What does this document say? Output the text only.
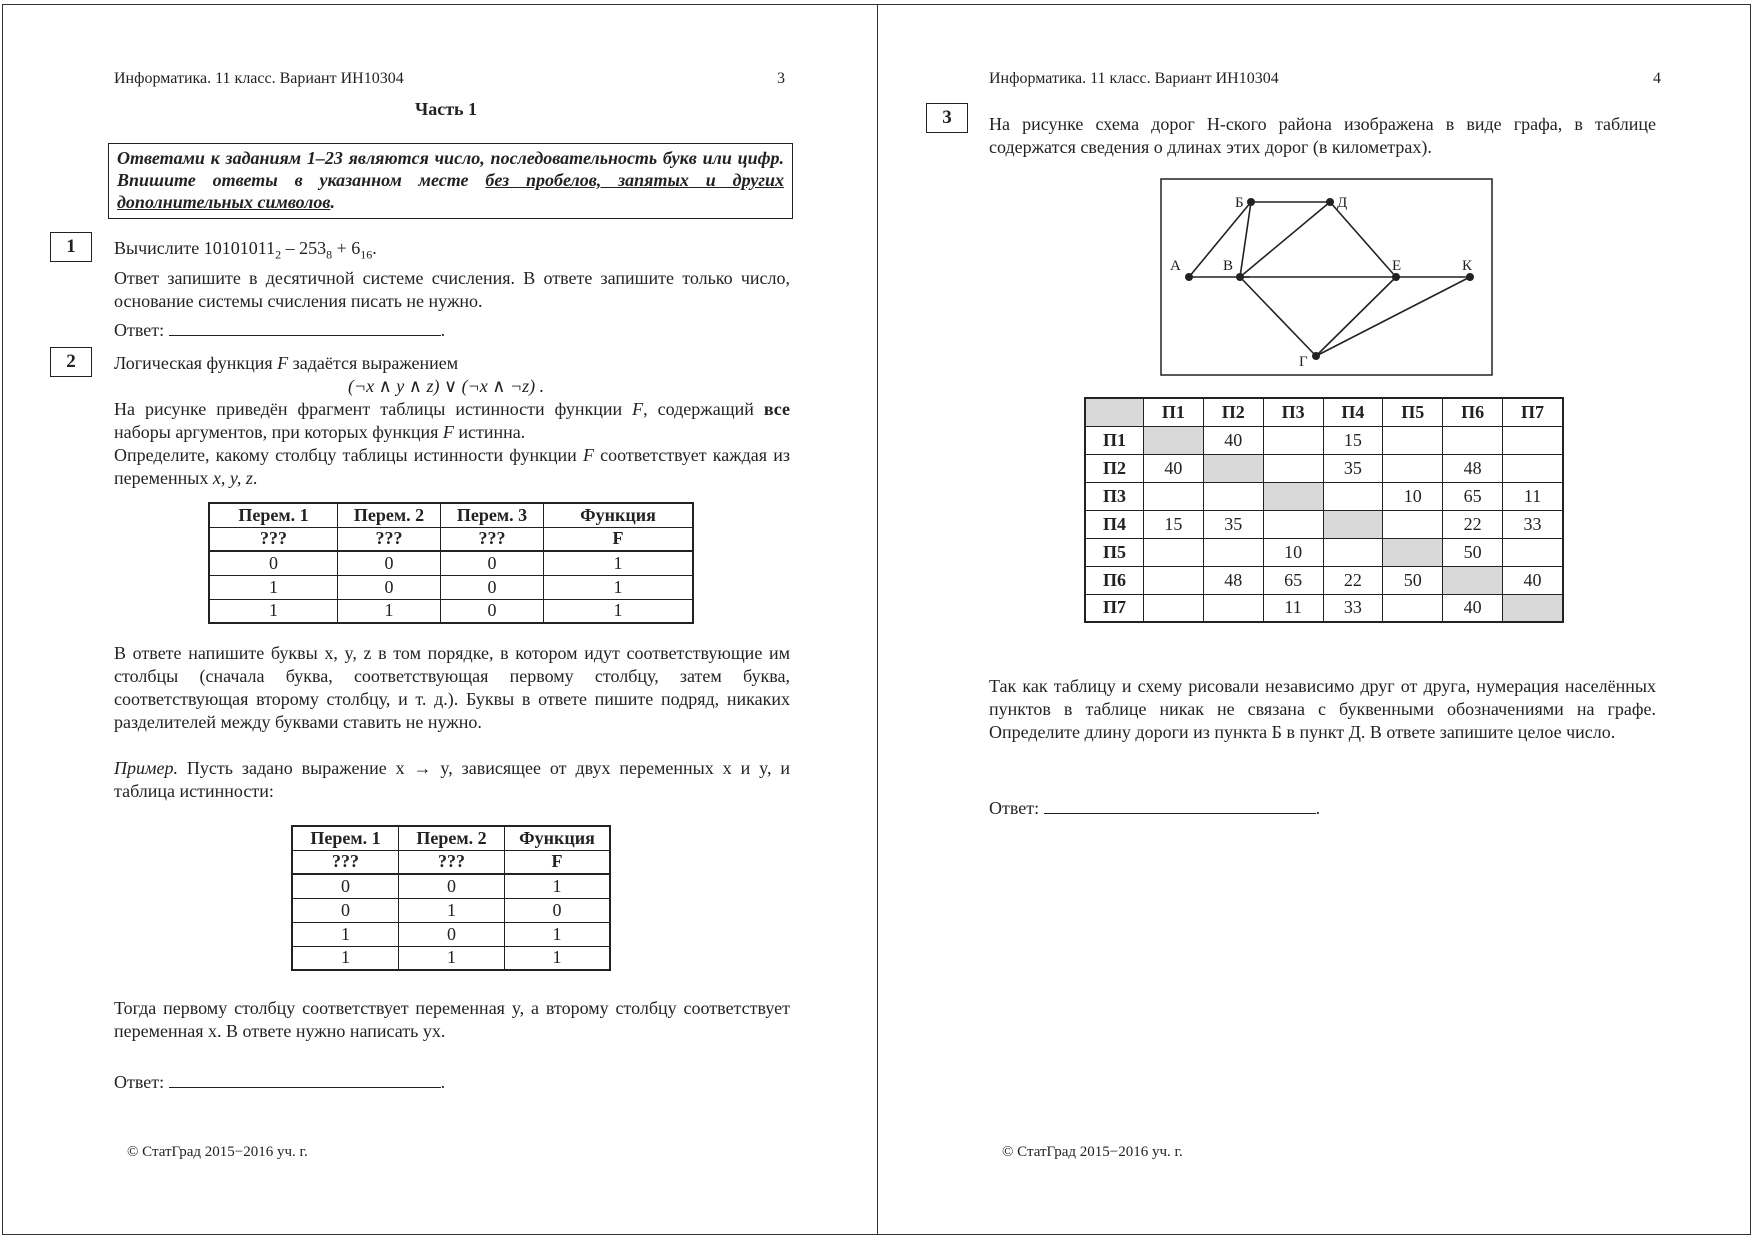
Информатика. 11 класс. Вариант ИН10304	3
Часть 1
Ответами к заданиям 1–23 являются число, последовательность букв или цифр. Впишите ответы в указанном месте без пробелов, запятых и других дополнительных символов.
1	Вычислите $10101011_2 - 253_8 + 6_{16}$.
Ответ запишите в десятичной системе счисления. В ответе запишите только число, основание системы счисления писать не нужно.
Ответ:	.
2	Логическая функция F задаётся выражением
(¬x ∧ y ∧ z) ∨ (¬x ∧ ¬z) .
На рисунке приведён фрагмент таблицы истинности функции F, содержащий все наборы аргументов, при которых функция F истинна.
Определите, какому столбцу таблицы истинности функции F соответствует каждая из переменных x, y, z.
Перем. 1	Перем. 2	Перем. 3	Функция
???	???	???	F
0	0	0	1
1	0	0	1
1	1	0	1
В ответе напишите буквы x, y, z в том порядке, в котором идут соответствующие им столбцы (сначала буква, соответствующая первому столбцу, затем буква, соответствующая второму столбцу, и т. д.). Буквы в ответе пишите подряд, никаких разделителей между буквами ставить не нужно.
Пример. Пусть задано выражение x → y, зависящее от двух переменных x и y, и таблица истинности:
Перем. 1	Перем. 2	Функция
???	???	F
0	0	1
0	1	0
1	0	1
1	1	1
Тогда первому столбцу соответствует переменная y, а второму столбцу соответствует переменная x. В ответе нужно написать yx.
Ответ:	.
© СтатГрад 2015−2016 уч. г.
Информатика. 11 класс. Вариант ИН10304	4
3	На рисунке схема дорог Н-ского района изображена в виде графа, в таблице содержатся сведения о длинах этих дорог (в километрах).
А
Б	Д
В	Е	К
Г
	П1	П2	П3	П4	П5	П6	П7
П1		40		15			
П2	40			35		48	
П3					10	65	11
П4	15	35				22	33
П5			10			50	
П6		48	65	22	50		40
П7			11	33		40	
Так как таблицу и схему рисовали независимо друг от друга, нумерация населённых пунктов в таблице никак не связана с буквенными обозначениями на графе. Определите длину дороги из пункта Б в пункт Д. В ответе запишите целое число.
Ответ:	.
© СтатГрад 2015−2016 уч. г.
